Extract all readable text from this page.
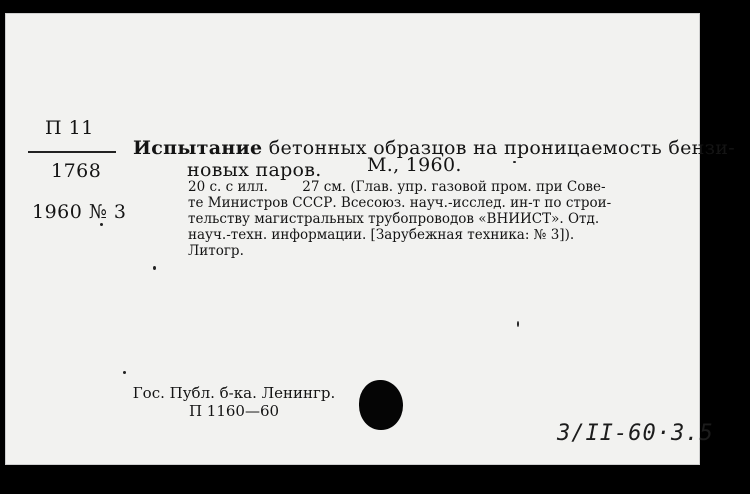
П 11
1768
1960 № 3
Испытание бетонных образцов на проницаемость бензи-
новых паров. М., 1960.
20 с. с илл.        27 см. (Глав. упр. газовой пром. при Сове-
те Министров СССР. Всесоюз. науч.-исслед. ин-т по строи-
тельству магистральных трубопроводов «ВНИИСТ». Отд.
науч.-техн. информации. [Зарубежная техника: № 3]).
Литогр.
Гос. Публ. б-ка. Ленингр.
П 1160—60
3/II-60·3.5
